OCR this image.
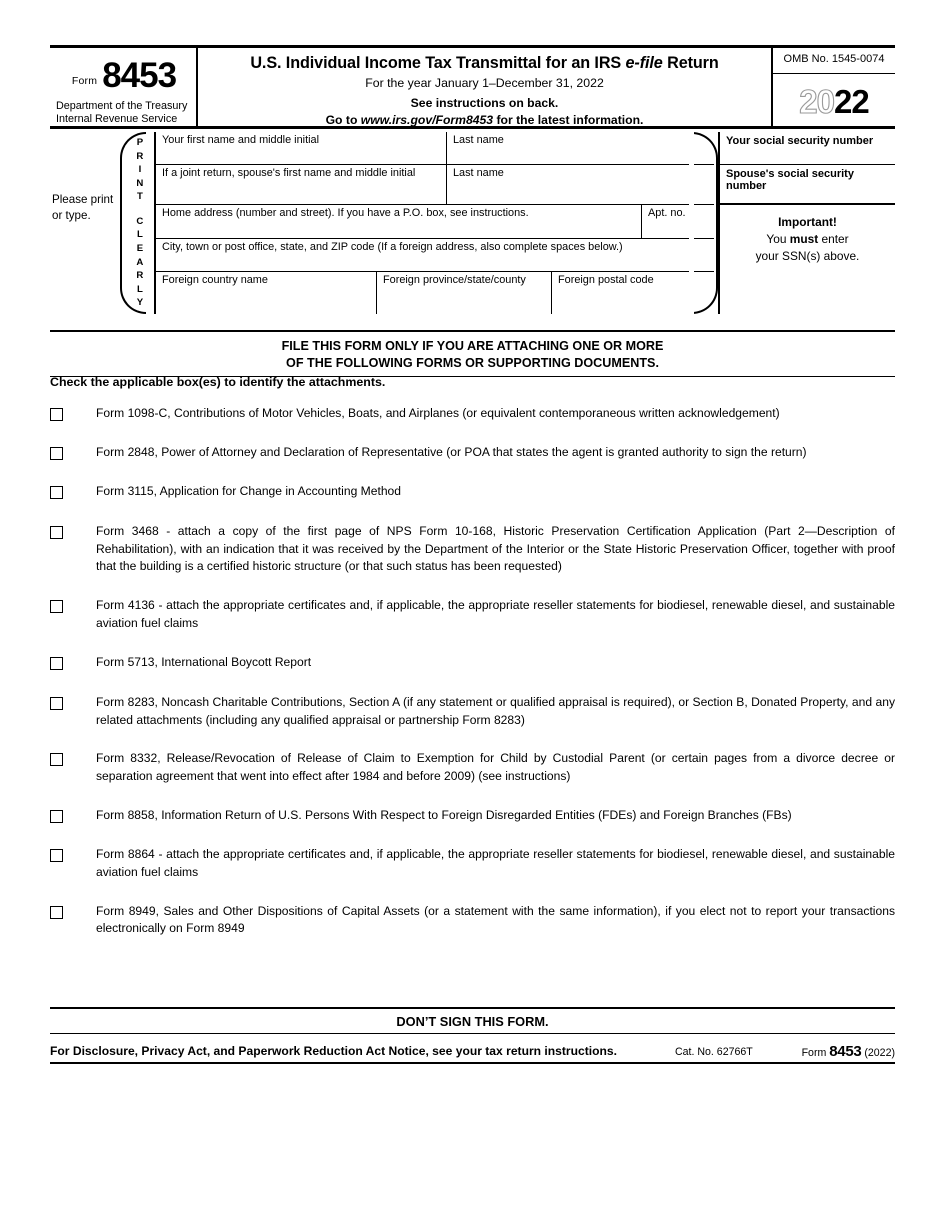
Form 8453
Department of the Treasury
Internal Revenue Service
U.S. Individual Income Tax Transmittal for an IRS e-file Return
For the year January 1–December 31, 2022
See instructions on back.
Go to www.irs.gov/Form8453 for the latest information.
OMB No. 1545-0074
20 22
Please print or type.
P
R
I
N
T
C
L
E
A
R
L
Y
Your first name and middle initial	Last name
If a joint return, spouse's first name and middle initial	Last name
Home address (number and street). If you have a P.O. box, see instructions.	Apt. no.
City, town or post office, state, and ZIP code (If a foreign address, also complete spaces below.)
Foreign country name	Foreign province/state/county	Foreign postal code
Your social security number
Spouse's social security number
Important!
You must enter
your SSN(s) above.
FILE THIS FORM ONLY IF YOU ARE ATTACHING ONE OR MORE
OF THE FOLLOWING FORMS OR SUPPORTING DOCUMENTS.
Check the applicable box(es) to identify the attachments.
Form 1098-C, Contributions of Motor Vehicles, Boats, and Airplanes (or equivalent contemporaneous written acknowledgement)
Form 2848, Power of Attorney and Declaration of Representative (or POA that states the agent is granted authority to sign the return)
Form 3115, Application for Change in Accounting Method
Form 3468 - attach a copy of the first page of NPS Form 10-168, Historic Preservation Certification Application (Part 2—Description of Rehabilitation), with an indication that it was received by the Department of the Interior or the State Historic Preservation Officer, together with proof that the building is a certified historic structure (or that such status has been requested)
Form 4136 - attach the appropriate certificates and, if applicable, the appropriate reseller statements for biodiesel, renewable diesel, and sustainable aviation fuel claims
Form 5713, International Boycott Report
Form 8283, Noncash Charitable Contributions, Section A (if any statement or qualified appraisal is required), or Section B, Donated Property, and any related attachments (including any qualified appraisal or partnership Form 8283)
Form 8332, Release/Revocation of Release of Claim to Exemption for Child by Custodial Parent (or certain pages from a divorce decree or separation agreement that went into effect after 1984 and before 2009) (see instructions)
Form 8858, Information Return of U.S. Persons With Respect to Foreign Disregarded Entities (FDEs) and Foreign Branches (FBs)
Form 8864 - attach the appropriate certificates and, if applicable, the appropriate reseller statements for biodiesel, renewable diesel, and sustainable aviation fuel claims
Form 8949, Sales and Other Dispositions of Capital Assets (or a statement with the same information), if you elect not to report your transactions electronically on Form 8949
DON’T SIGN THIS FORM.
For Disclosure, Privacy Act, and Paperwork Reduction Act Notice, see your tax return instructions.	Cat. No. 62766T	Form 8453 (2022)
